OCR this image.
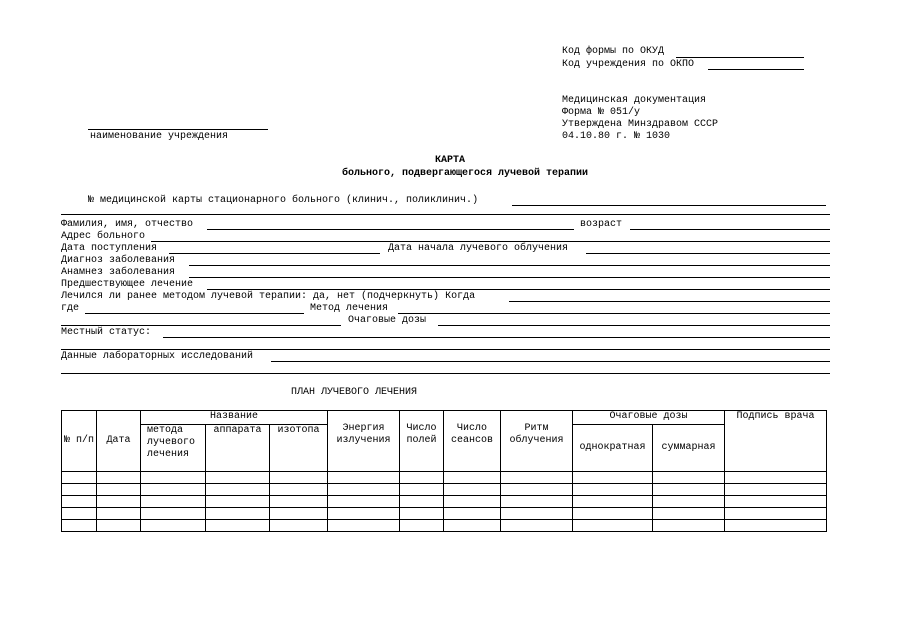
Код формы по ОКУД
Код учреждения по ОКПО
Медицинская документация
Форма № 051/у
Утверждена Минздравом СССР
04.10.80 г. № 1030
наименование учреждения
КАРТА
больного, подвергающегося лучевой терапии
№ медицинской карты стационарного больного (клинич., поликлинич.)
Фамилия, имя, отчество	возраст
Адрес больного
Дата поступления	Дата начала лучевого облучения
Диагноз заболевания
Анамнез заболевания
Предшествующее лечение
Лечился ли ранее методом лучевой терапии: да, нет (подчеркнуть) Когда
где	Метод лечения
Очаговые дозы
Местный статус:
Данные лабораторных исследований
ПЛАН ЛУЧЕВОГО ЛЕЧЕНИЯ
№ п/п	Дата	Название			Энергия излучения	Число полей	Число сеансов	Ритм облучения	Очаговые дозы		Подпись врача
		метода лучевого лечения	аппарата	изотопа					однократная	суммарная	
